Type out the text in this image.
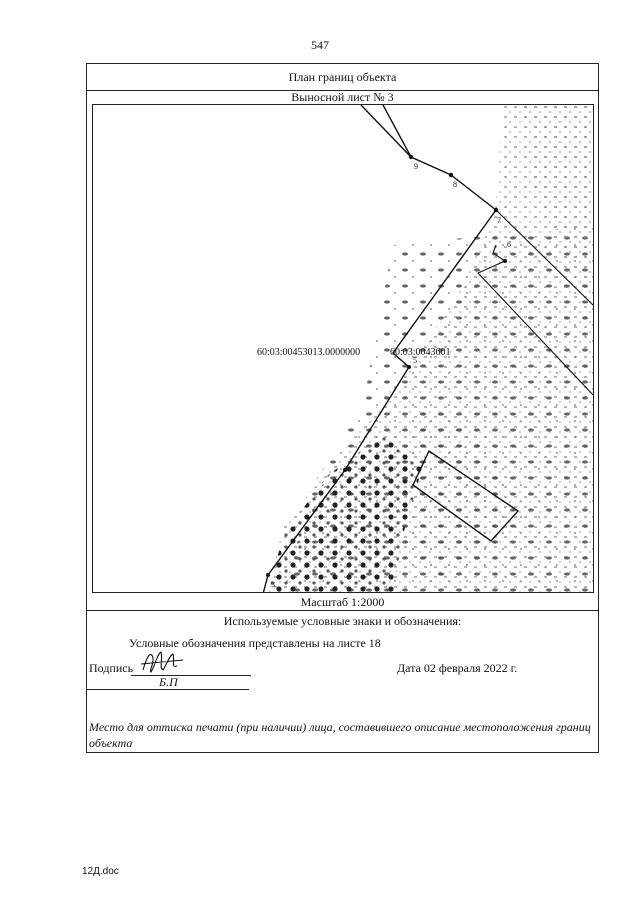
547
План границ объекта
Выносной лист № 3
9
8
7
6
5
4
3
60:03:0045301З.0000000	60:03:0043601
Масштаб 1:2000
Используемые условные знаки и обозначения:
Условные обозначения представлены на листе 18
Подпись	Дата 02 февраля 2022 г.
Б.П
Место для оттиска печати (при наличии) лица, составившего описание местоположения границ объекта
12Д.doc
